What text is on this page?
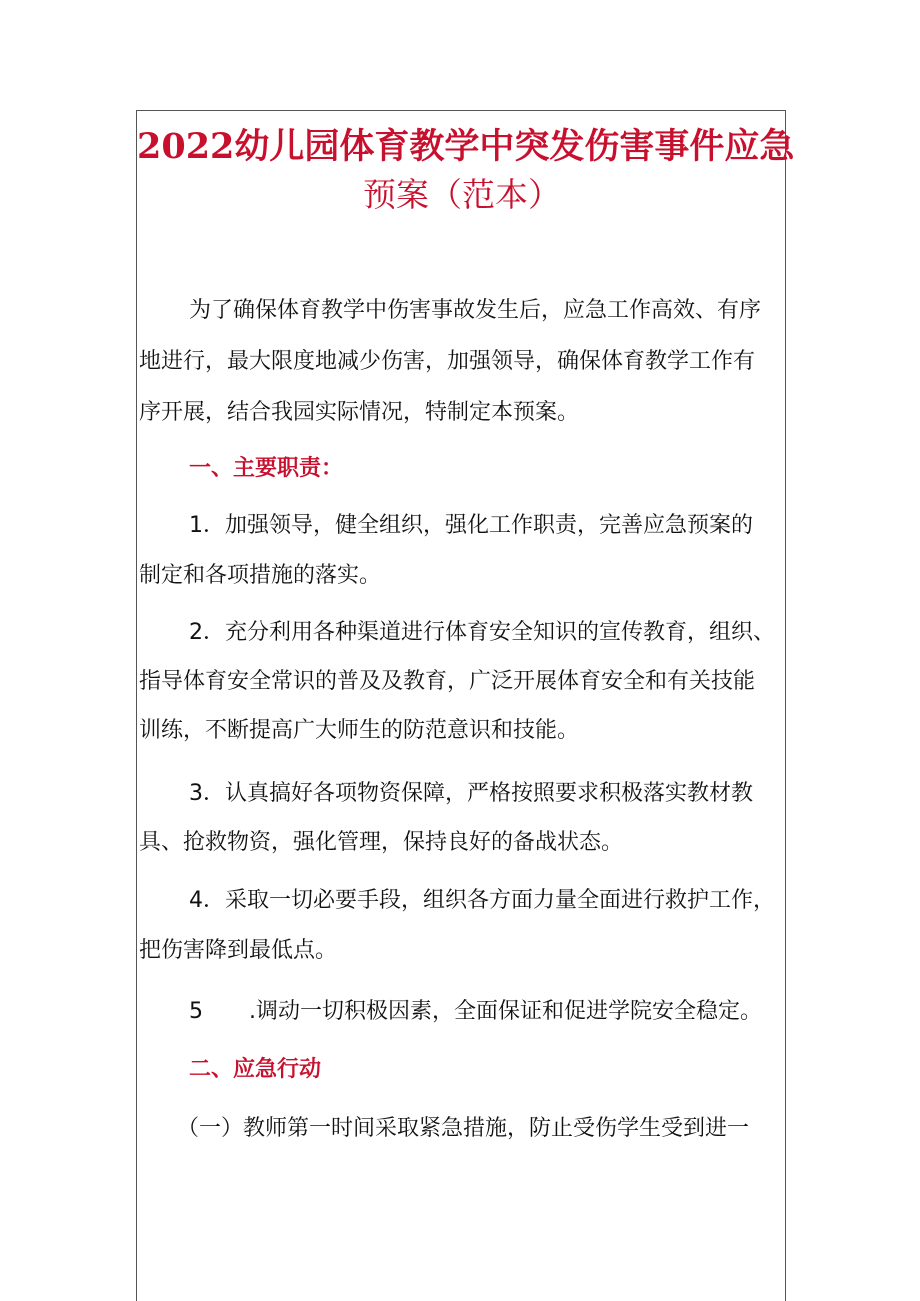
2022幼儿园体育教学中突发伤害事件应急
预案（范本）
为了确保体育教学中伤害事故发生后，应急工作高效、有序
地进行，最大限度地减少伤害，加强领导，确保体育教学工作有
序开展，结合我园实际情况，特制定本预案。
一、主要职责：
1．加强领导，健全组织，强化工作职责，完善应急预案的
制定和各项措施的落实。
2．充分利用各种渠道进行体育安全知识的宣传教育，组织、
指导体育安全常识的普及及教育，广泛开展体育安全和有关技能
训练，不断提高广大师生的防范意识和技能。
3．认真搞好各项物资保障，严格按照要求积极落实教材教
具、抢救物资，强化管理，保持良好的备战状态。
4．采取一切必要手段，组织各方面力量全面进行救护工作，
把伤害降到最低点。
5 .调动一切积极因素，全面保证和促进学院安全稳定。
二、应急行动
（一）教师第一时间采取紧急措施，防止受伤学生受到进一
